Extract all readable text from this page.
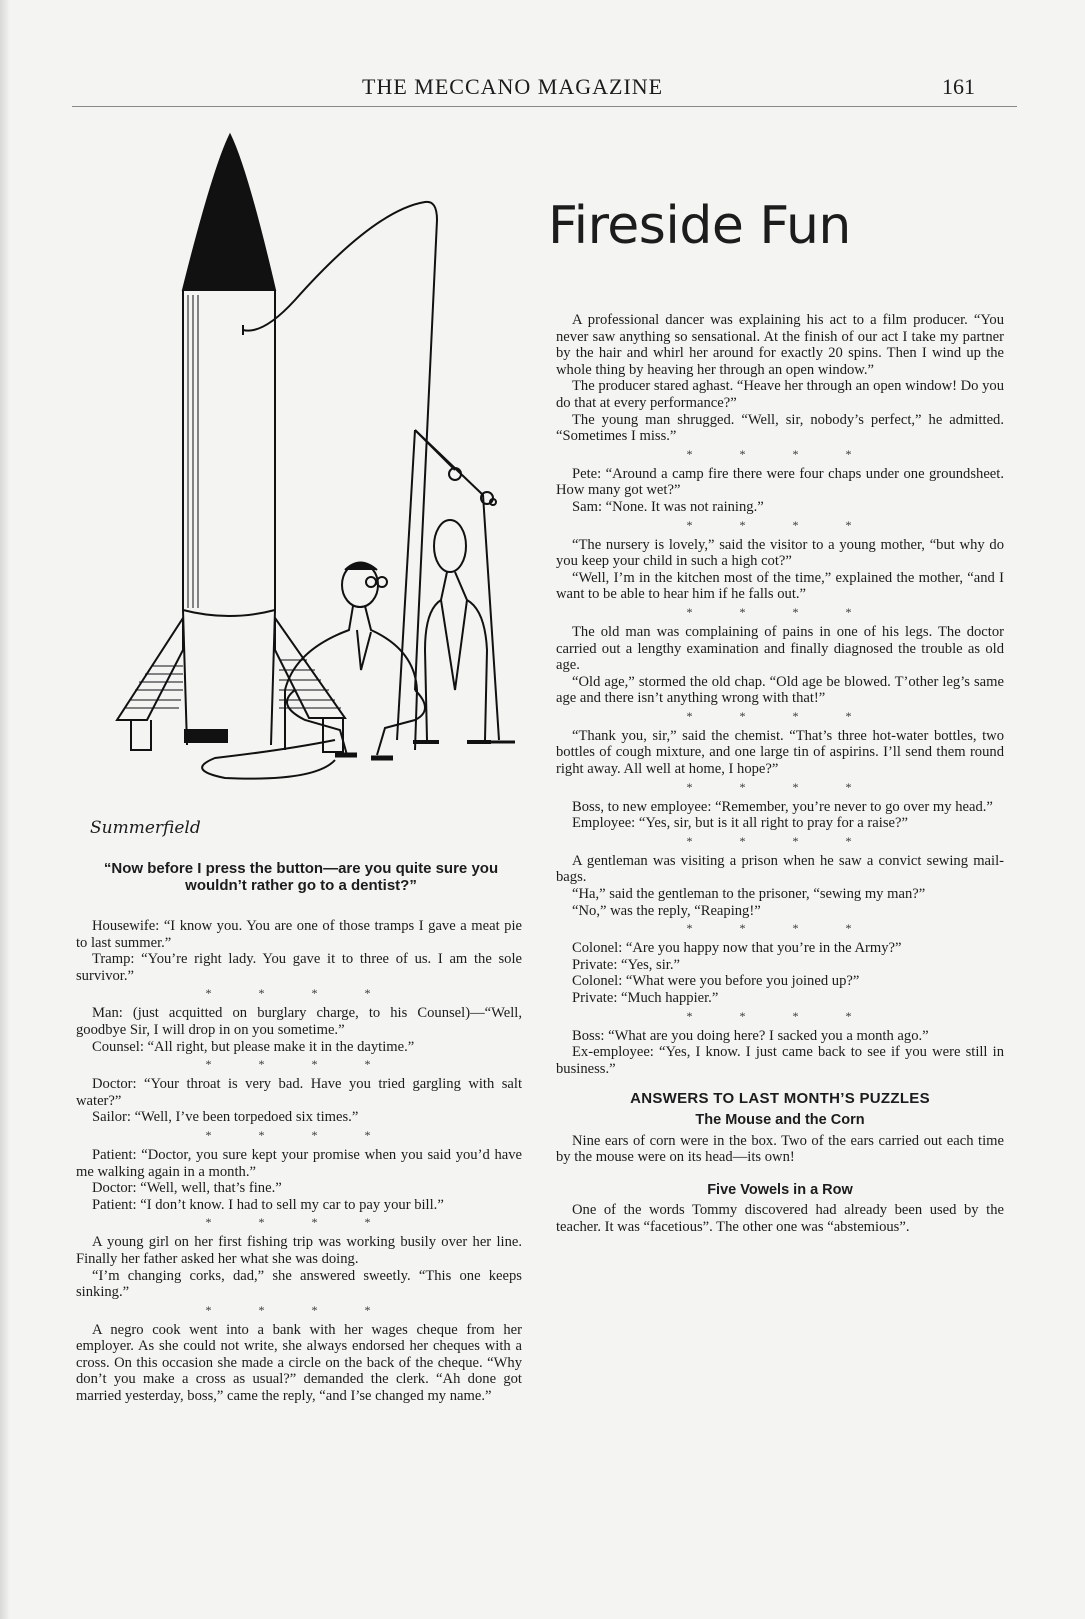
THE MECCANO MAGAZINE	161
Summerfield
“Now before I press the button—are you quite sure you wouldn’t rather go to a dentist?”
Fireside Fun

Housewife: “I know you. You are one of those tramps I gave a meat pie to last summer.”

Tramp: “You’re right lady. You gave it to three of us. I am the sole survivor.”

* * * *

Man: (just acquitted on burglary charge, to his Counsel)—“Well, goodbye Sir, I will drop in on you sometime.”

Counsel: “All right, but please make it in the daytime.”

* * * *

Doctor: “Your throat is very bad. Have you tried gargling with salt water?”

Sailor: “Well, I’ve been torpedoed six times.”

* * * *

Patient: “Doctor, you sure kept your promise when you said you’d have me walking again in a month.”

Doctor: “Well, well, that’s fine.”

Patient: “I don’t know. I had to sell my car to pay your bill.”

* * * *

A young girl on her first fishing trip was working busily over her line. Finally her father asked her what she was doing.

“I’m changing corks, dad,” she answered sweetly. “This one keeps sinking.”

* * * *

A negro cook went into a bank with her wages cheque from her employer. As she could not write, she always endorsed her cheques with a cross. On this occasion she made a circle on the back of the cheque. “Why don’t you make a cross as usual?” demanded the clerk. “Ah done got married yesterday, boss,” came the reply, “and I’se changed my name.”

A professional dancer was explaining his act to a film producer. “You never saw anything so sensational. At the finish of our act I take my partner by the hair and whirl her around for exactly 20 spins. Then I wind up the whole thing by heaving her through an open window.”

The producer stared aghast. “Heave her through an open window! Do you do that at every performance?”

The young man shrugged. “Well, sir, nobody’s perfect,” he admitted. “Sometimes I miss.”

* * * *

Pete: “Around a camp fire there were four chaps under one groundsheet. How many got wet?”

Sam: “None. It was not raining.”

* * * *

“The nursery is lovely,” said the visitor to a young mother, “but why do you keep your child in such a high cot?”

“Well, I’m in the kitchen most of the time,” explained the mother, “and I want to be able to hear him if he falls out.”

* * * *

The old man was complaining of pains in one of his legs. The doctor carried out a lengthy examination and finally diagnosed the trouble as old age.

“Old age,” stormed the old chap. “Old age be blowed. T’other leg’s same age and there isn’t anything wrong with that!”

* * * *

“Thank you, sir,” said the chemist. “That’s three hot-water bottles, two bottles of cough mixture, and one large tin of aspirins. I’ll send them round right away. All well at home, I hope?”

* * * *

Boss, to new employee: “Remember, you’re never to go over my head.”

Employee: “Yes, sir, but is it all right to pray for a raise?”

* * * *

A gentleman was visiting a prison when he saw a convict sewing mail-bags.

“Ha,” said the gentleman to the prisoner, “sewing my man?”

“No,” was the reply, “Reaping!”

* * * *

Colonel: “Are you happy now that you’re in the Army?”

Private: “Yes, sir.”

Colonel: “What were you before you joined up?”

Private: “Much happier.”

* * * *

Boss: “What are you doing here? I sacked you a month ago.”

Ex-employee: “Yes, I know. I just came back to see if you were still in business.”

ANSWERS TO LAST MONTH’S PUZZLES
The Mouse and the Corn

Nine ears of corn were in the box. Two of the ears carried out each time by the mouse were on its head—its own!

Five Vowels in a Row

One of the words Tommy discovered had already been used by the teacher. It was “facetious”. The other one was “abstemious”.
